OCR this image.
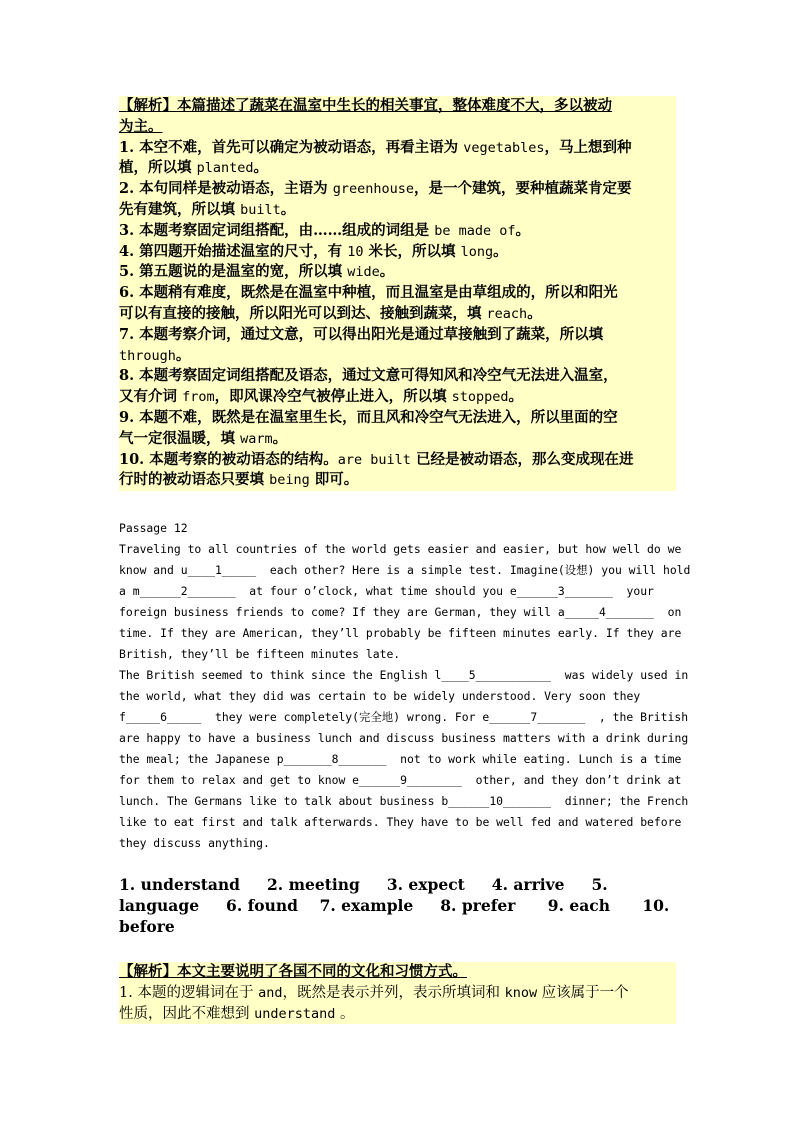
【解析】本篇描述了蔬菜在温室中生长的相关事宜，整体难度不大，多以被动
为主。
1. 本空不难，首先可以确定为被动语态，再看主语为 vegetables，马上想到种
植，所以填 planted。
2. 本句同样是被动语态，主语为 greenhouse，是一个建筑，要种植蔬菜肯定要
先有建筑，所以填 built。
3. 本题考察固定词组搭配，由……组成的词组是 be made of。
4. 第四题开始描述温室的尺寸，有 10 米长，所以填 long。
5. 第五题说的是温室的宽，所以填 wide。
6. 本题稍有难度，既然是在温室中种植，而且温室是由草组成的，所以和阳光
可以有直接的接触，所以阳光可以到达、接触到蔬菜，填 reach。
7. 本题考察介词，通过文意，可以得出阳光是通过草接触到了蔬菜，所以填
through。
8. 本题考察固定词组搭配及语态，通过文意可得知风和冷空气无法进入温室，
又有介词 from，即风课冷空气被停止进入，所以填 stopped。
9. 本题不难，既然是在温室里生长，而且风和冷空气无法进入，所以里面的空
气一定很温暖，填 warm。
10. 本题考察的被动语态的结构。are built 已经是被动语态，那么变成现在进
行时的被动语态只要填 being 即可。
Passage 12
Traveling to all countries of the world gets easier and easier, but how well do we
know and u____1_____  each other? Here is a simple test. Imagine(设想) you will hold
a m______2_______  at four o’clock, what time should you e______3_______  your
foreign business friends to come? If they are German, they will a_____4_______  on
time. If they are American, they’ll probably be fifteen minutes early. If they are
British, they’ll be fifteen minutes late.
The British seemed to think since the English l____5___________  was widely used in
the world, what they did was certain to be widely understood. Very soon they
f_____6_____  they were completely(完全地) wrong. For e______7_______  , the British
are happy to have a business lunch and discuss business matters with a drink during
the meal; the Japanese p_______8_______  not to work while eating. Lunch is a time
for them to relax and get to know e______9________  other, and they don’t drink at
lunch. The Germans like to talk about business b______10_______  dinner; the French
like to eat first and talk afterwards. They have to be well fed and watered before
they discuss anything.
1. understand     2. meeting     3. expect     4. arrive     5.
language     6. found    7. example     8. prefer      9. each      10.
before
【解析】本文主要说明了各国不同的文化和习惯方式。
1. 本题的逻辑词在于 and，既然是表示并列，表示所填词和 know 应该属于一个
性质，因此不难想到 understand 。
